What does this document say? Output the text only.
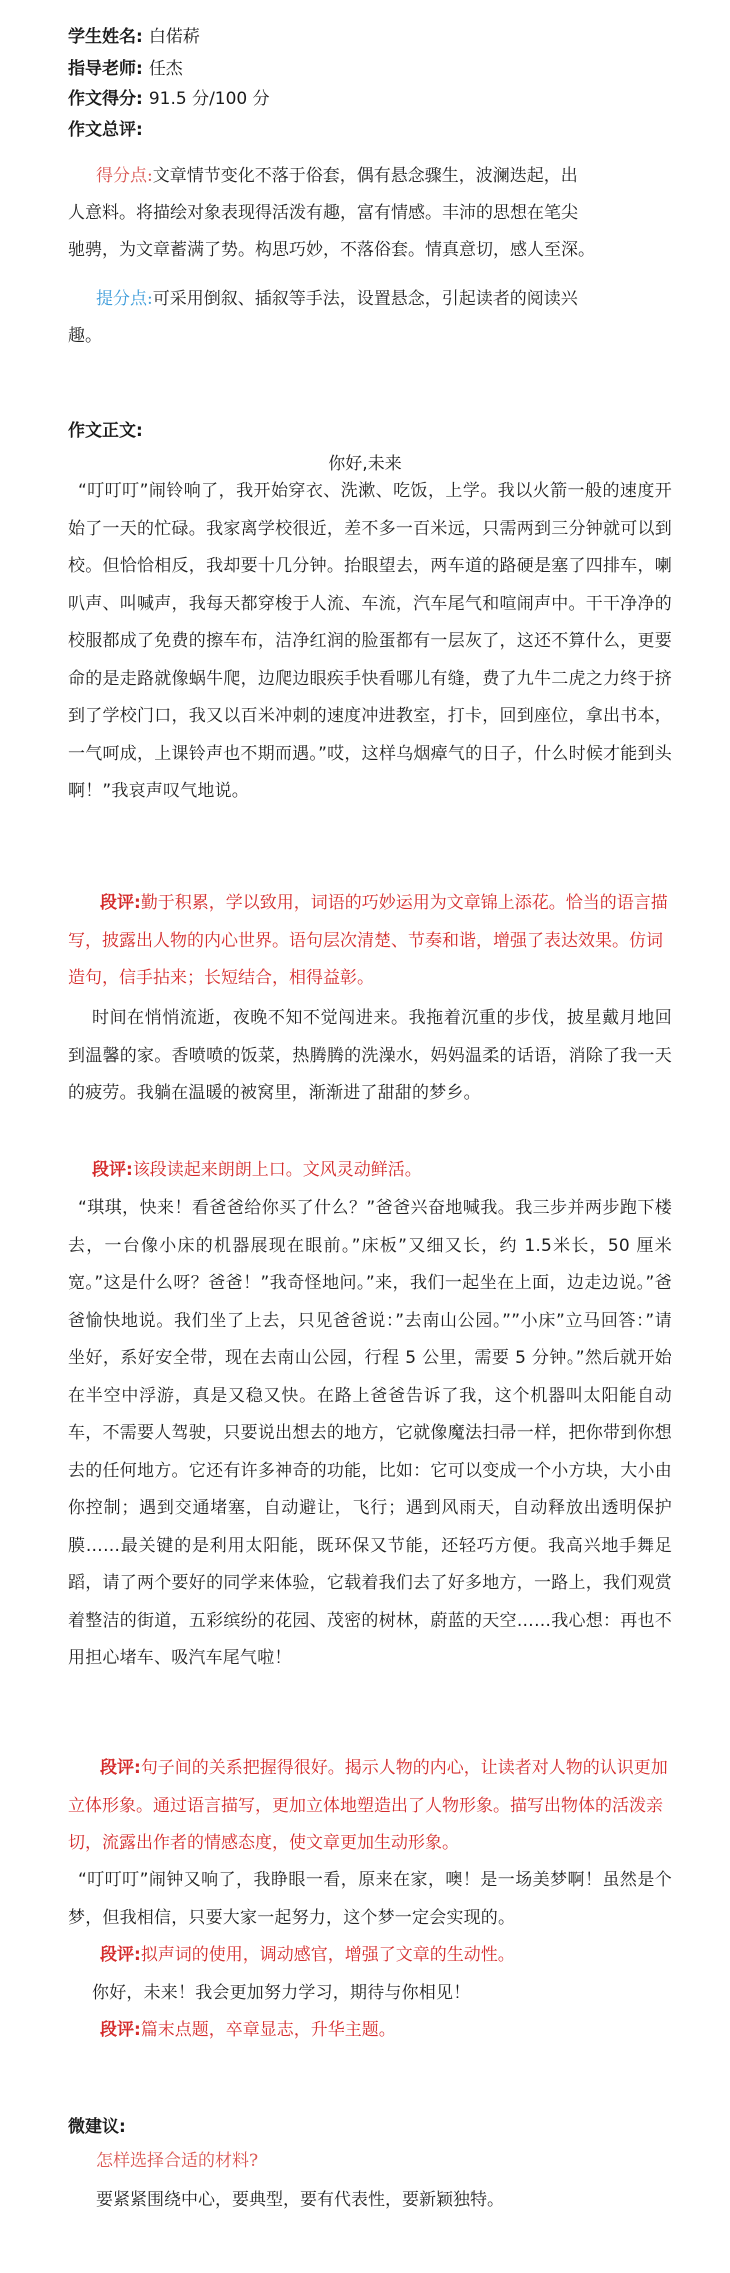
学生姓名: 白偌菥
指导老师: 任杰
作文得分: 91.5 分/100 分
作文总评:
得分点:文章情节变化不落于俗套，偶有悬念骤生，波澜迭起，出
人意料。将描绘对象表现得活泼有趣，富有情感。丰沛的思想在笔尖
驰骋，为文章蓄满了势。构思巧妙，不落俗套。情真意切，感人至深。
提分点:可采用倒叙、插叙等手法，设置悬念，引起读者的阅读兴
趣。
作文正文:
你好,未来
“叮叮叮”闹铃响了，我开始穿衣、洗漱、吃饭，上学。我以火箭一般的速度开始了一天的忙碌。我家离学校很近，差不多一百米远，只需两到三分钟就可以到校。但恰恰相反，我却要十几分钟。抬眼望去，两车道的路硬是塞了四排车，喇叭声、叫喊声，我每天都穿梭于人流、车流，汽车尾气和喧闹声中。干干净净的校服都成了免费的擦车布，洁净红润的脸蛋都有一层灰了，这还不算什么，更要命的是走路就像蜗牛爬，边爬边眼疾手快看哪儿有缝，费了九牛二虎之力终于挤到了学校门口，我又以百米冲刺的速度冲进教室，打卡，回到座位，拿出书本，一气呵成，上课铃声也不期而遇。”哎，这样乌烟瘴气的日子，什么时候才能到头啊！”我哀声叹气地说。
段评:勤于积累，学以致用，词语的巧妙运用为文章锦上添花。恰当的语言描写，披露出人物的内心世界。语句层次清楚、节奏和谐，增强了表达效果。仿词造句，信手拈来；长短结合，相得益彰。
时间在悄悄流逝，夜晚不知不觉闯进来。我拖着沉重的步伐，披星戴月地回到温馨的家。香喷喷的饭菜，热腾腾的洗澡水，妈妈温柔的话语，消除了我一天的疲劳。我躺在温暖的被窝里，渐渐进了甜甜的梦乡。
段评:该段读起来朗朗上口。文风灵动鲜活。
“琪琪，快来！看爸爸给你买了什么？”爸爸兴奋地喊我。我三步并两步跑下楼去，一台像小床的机器展现在眼前。”床板”又细又长，约 1.5米长，50 厘米宽。”这是什么呀？爸爸！”我奇怪地问。”来，我们一起坐在上面，边走边说。”爸爸愉快地说。我们坐了上去，只见爸爸说：”去南山公园。””小床”立马回答：”请坐好，系好安全带，现在去南山公园，行程 5 公里，需要 5 分钟。”然后就开始在半空中浮游，真是又稳又快。在路上爸爸告诉了我，这个机器叫太阳能自动车，不需要人驾驶，只要说出想去的地方，它就像魔法扫帚一样，把你带到你想去的任何地方。它还有许多神奇的功能，比如：它可以变成一个小方块，大小由你控制；遇到交通堵塞，自动避让，飞行；遇到风雨天，自动释放出透明保护膜……最关键的是利用太阳能，既环保又节能，还轻巧方便。我高兴地手舞足蹈，请了两个要好的同学来体验，它载着我们去了好多地方，一路上，我们观赏着整洁的街道，五彩缤纷的花园、茂密的树林，蔚蓝的天空……我心想：再也不用担心堵车、吸汽车尾气啦！
段评:句子间的关系把握得很好。揭示人物的内心，让读者对人物的认识更加立体形象。通过语言描写，更加立体地塑造出了人物形象。描写出物体的活泼亲切，流露出作者的情感态度，使文章更加生动形象。
“叮叮叮”闹钟又响了，我睁眼一看，原来在家，噢！是一场美梦啊！虽然是个梦，但我相信，只要大家一起努力，这个梦一定会实现的。
段评:拟声词的使用，调动感官，增强了文章的生动性。
你好，未来！我会更加努力学习，期待与你相见！
段评:篇末点题，卒章显志，升华主题。
微建议:
怎样选择合适的材料?
要紧紧围绕中心，要典型，要有代表性，要新颖独特。
